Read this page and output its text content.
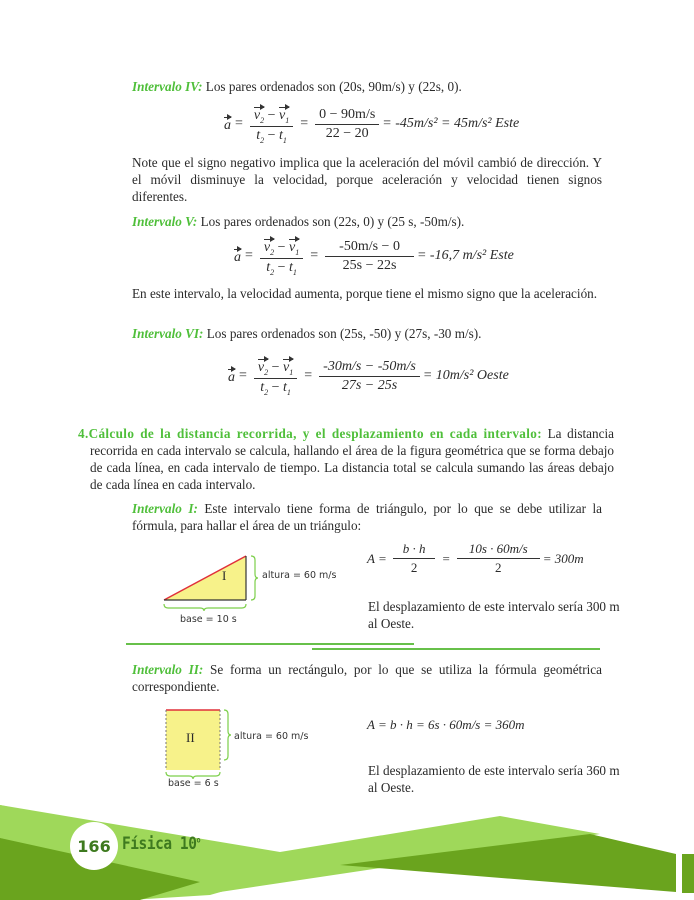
Intervalo IV: Los pares ordenados son (20s, 90m/s) y (22s, 0).
$a = \frac{v_2 - v_1}{t_2 - t_1} = \frac{0 - 90m/s}{22 - 20} = -45m/s^2 = 45m/s^2$ Este
Note que el signo negativo implica que la aceleración del móvil cambió de dirección. Y el móvil disminuye la velocidad, porque aceleración y velocidad tienen signos diferentes.
Intervalo V: Los pares ordenados son (22s, 0) y (25 s, -50m/s).
$a = \frac{v_2 - v_1}{t_2 - t_1} = \frac{-50m/s - 0}{25s - 22s} = -16,7$ m/s² Este
En este intervalo, la velocidad aumenta, porque tiene el mismo signo que la aceleración.
Intervalo VI: Los pares ordenados son (25s, -50) y (27s, -30 m/s).
$a = \frac{v_2 - v_1}{t_2 - t_1} = \frac{-30m/s - -50m/s}{27s - 25s} = 10m/s^2$ Oeste
4.Cálculo de la distancia recorrida, y el desplazamiento en cada intervalo: La distancia recorrida en cada intervalo se calcula, hallando el área de la figura geométrica que se forma debajo de cada línea, en cada intervalo de tiempo. La distancia total se calcula sumando las áreas debajo de cada línea en cada intervalo.
Intervalo I: Este intervalo tiene forma de triángulo, por lo que se debe utilizar la fórmula, para hallar el área de un triángulo:
I	altura = 60 m/s
base = 10 s
$A = \frac{b \cdot h}{2} = \frac{10s \cdot 60m/s}{2} = 300m$
El desplazamiento de este intervalo sería 300 m al Oeste.
Intervalo II: Se forma un rectángulo, por lo que se utiliza la fórmula geométrica correspondiente.
II	altura = 60 m/s
base = 6 s
A = b · h = 6s · 60m/s = 360m
El desplazamiento de este intervalo sería 360 m al Oeste.
166 Física 10$^o$
